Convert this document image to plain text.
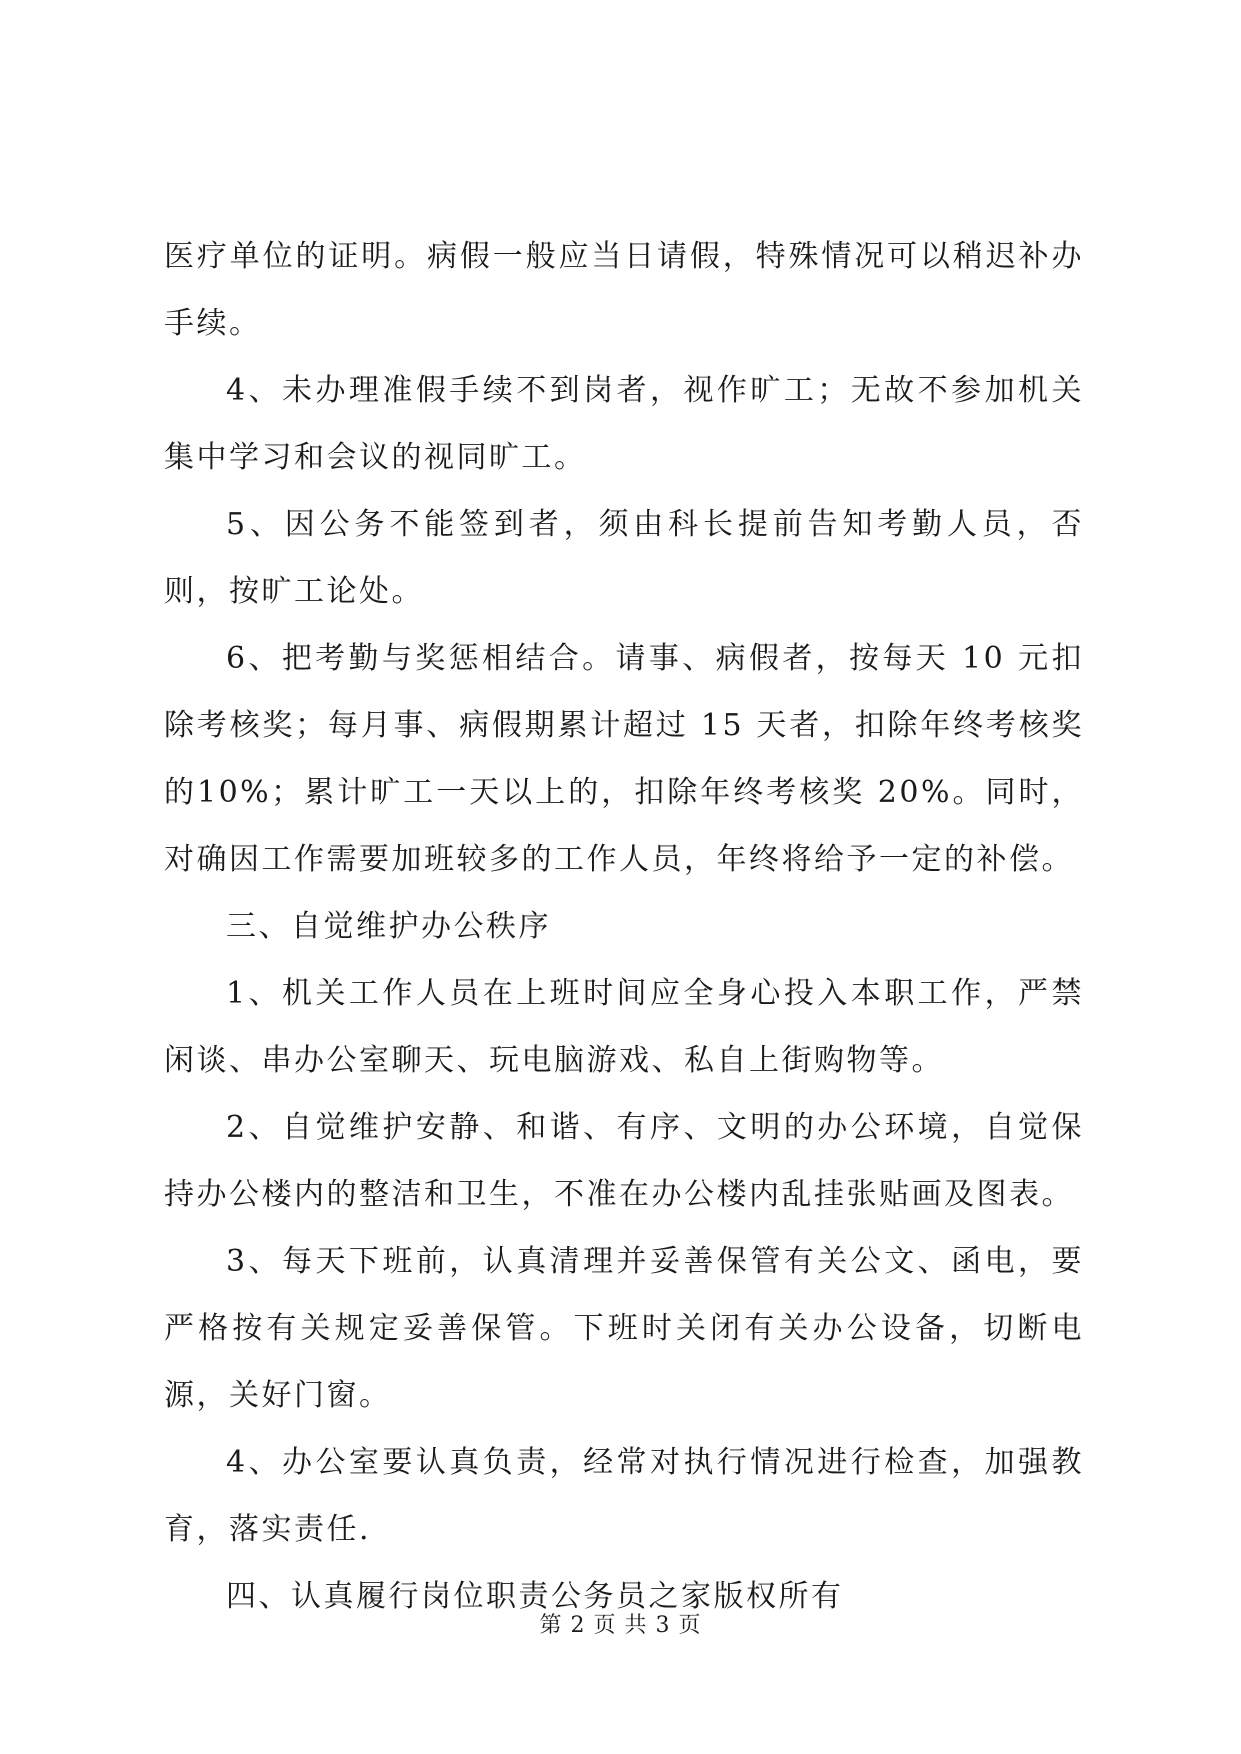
医疗单位的证明。病假一般应当日请假，特殊情况可以稍迟补办手续。

4、未办理准假手续不到岗者，视作旷工；无故不参加机关集中学习和会议的视同旷工。

5、因公务不能签到者，须由科长提前告知考勤人员，否则，按旷工论处。

6、把考勤与奖惩相结合。请事、病假者，按每天 10 元扣除考核奖；每月事、病假期累计超过 15 天者，扣除年终考核奖的10%；累计旷工一天以上的，扣除年终考核奖 20%。同时，对确因工作需要加班较多的工作人员，年终将给予一定的补偿。

三、自觉维护办公秩序

1、机关工作人员在上班时间应全身心投入本职工作，严禁闲谈、串办公室聊天、玩电脑游戏、私自上街购物等。

2、自觉维护安静、和谐、有序、文明的办公环境，自觉保持办公楼内的整洁和卫生，不准在办公楼内乱挂张贴画及图表。

3、每天下班前，认真清理并妥善保管有关公文、函电，要严格按有关规定妥善保管。下班时关闭有关办公设备，切断电源，关好门窗。

4、办公室要认真负责，经常对执行情况进行检查，加强教育，落实责任.

四、认真履行岗位职责公务员之家版权所有

第 2 页 共 3 页
